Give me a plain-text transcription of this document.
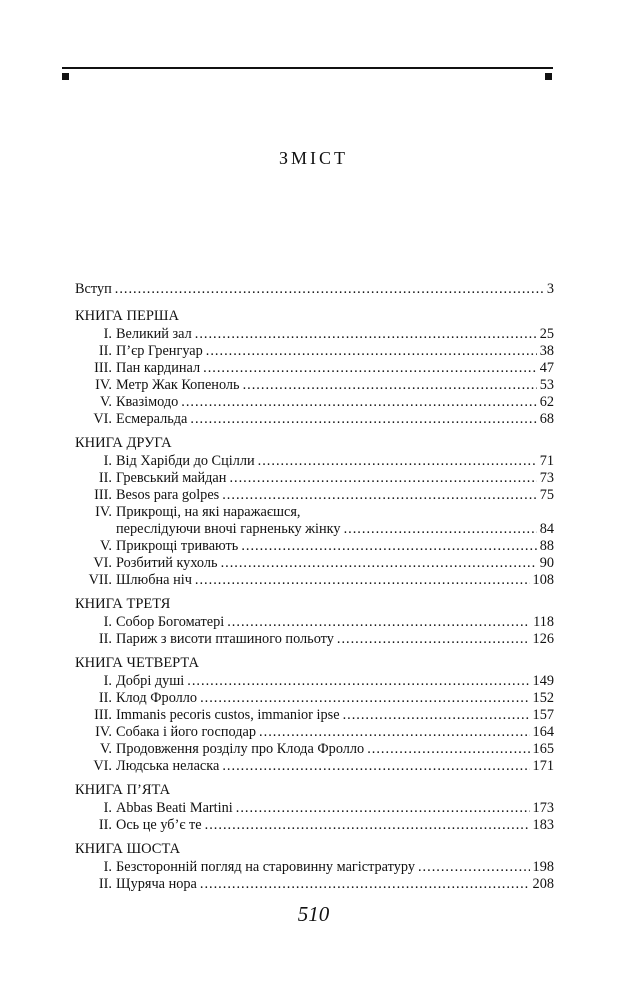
ЗМІСТ
Вступ .....	3
КНИГА ПЕРША
I. Великий зал .....	25
II. П’єр Гренгуар .....	38
III. Пан кардинал .....	47
IV. Метр Жак Копеноль .....	53
V. Квазімодо .....	62
VI. Есмеральда .....	68
КНИГА ДРУГА
I. Від Харібди до Сцілли .....	71
II. Гревський майдан .....	73
III. Besos para golpes .....	75
IV. Прикрощі, на які наражаєшся,
переслідуючи вночі гарненьку жінку .....	84
V. Прикрощі тривають .....	88
VI. Розбитий кухоль .....	90
VII. Шлюбна ніч .....	108
КНИГА ТРЕТЯ
I. Собор Богоматері .....	118
II. Париж з висоти пташиного польоту .....	126
КНИГА ЧЕТВЕРТА
I. Добрі душі .....	149
II. Клод Фролло .....	152
III. Immanis pecoris custos, immanior ipse .....	157
IV. Собака і його господар .....	164
V. Продовження розділу про Клода Фролло .....	165
VI. Людська неласка .....	171
КНИГА П’ЯТА
I. Abbas Beati Martini .....	173
II. Ось це уб’є те .....	183
КНИГА ШОСТА
I. Безсторонній погляд на старовинну магістратуру .....	198
II. Щуряча нора .....	208
510
